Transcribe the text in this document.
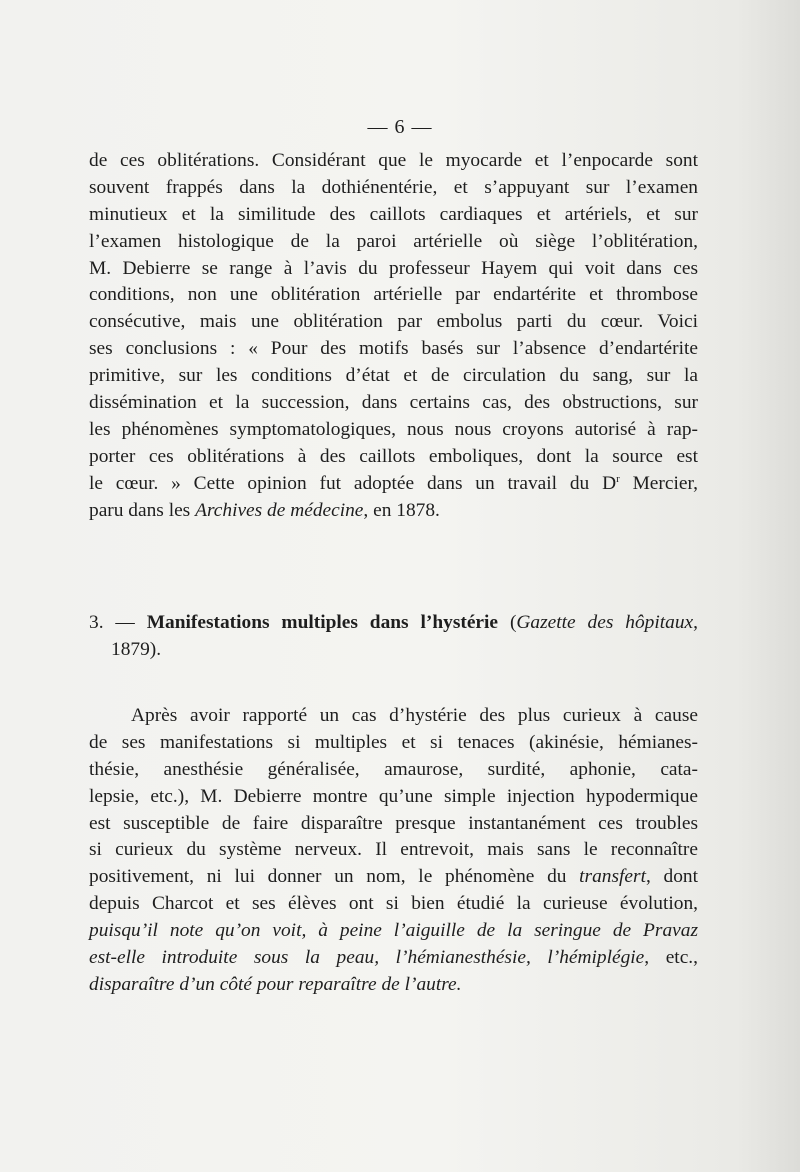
— 6 —
de ces oblitérations. Considérant que le myocarde et l’enpocarde sont
souvent frappés dans la dothiénentérie, et s’appuyant sur l’examen
minutieux et la similitude des caillots cardiaques et artériels, et sur
l’examen histologique de la paroi artérielle où siège l’oblitération,
M. Debierre se range à l’avis du professeur Hayem qui voit dans ces
conditions, non une oblitération artérielle par endartérite et thrombose
consécutive, mais une oblitération par embolus parti du cœur. Voici
ses conclusions : « Pour des motifs basés sur l’absence d’endartérite
primitive, sur les conditions d’état et de circulation du sang, sur la
dissémination et la succession, dans certains cas, des obstructions, sur
les phénomènes symptomatologiques, nous nous croyons autorisé à rap-
porter ces oblitérations à des caillots emboliques, dont la source est
le cœur. » Cette opinion fut adoptée dans un travail du $D^r$ Mercier,
paru dans les Archives de médecine, en 1878.
3. — Manifestations multiples dans l’hystérie (Gazette des hôpitaux,
1879).
Après avoir rapporté un cas d’hystérie des plus curieux à cause
de ses manifestations si multiples et si tenaces (akinésie, hémianes-
thésie, anesthésie généralisée, amaurose, surdité, aphonie, cata-
lepsie, etc.), M. Debierre montre qu’une simple injection hypodermique
est susceptible de faire disparaître presque instantanément ces troubles
si curieux du système nerveux. Il entrevoit, mais sans le reconnaître
positivement, ni lui donner un nom, le phénomène du transfert, dont
depuis Charcot et ses élèves ont si bien étudié la curieuse évolution,
puisqu’il note qu’on voit, à peine l’aiguille de la seringue de Pravaz
est-elle introduite sous la peau, l’hémianesthésie, l’hémiplégie, etc.,
disparaître d’un côté pour reparaître de l’autre.
